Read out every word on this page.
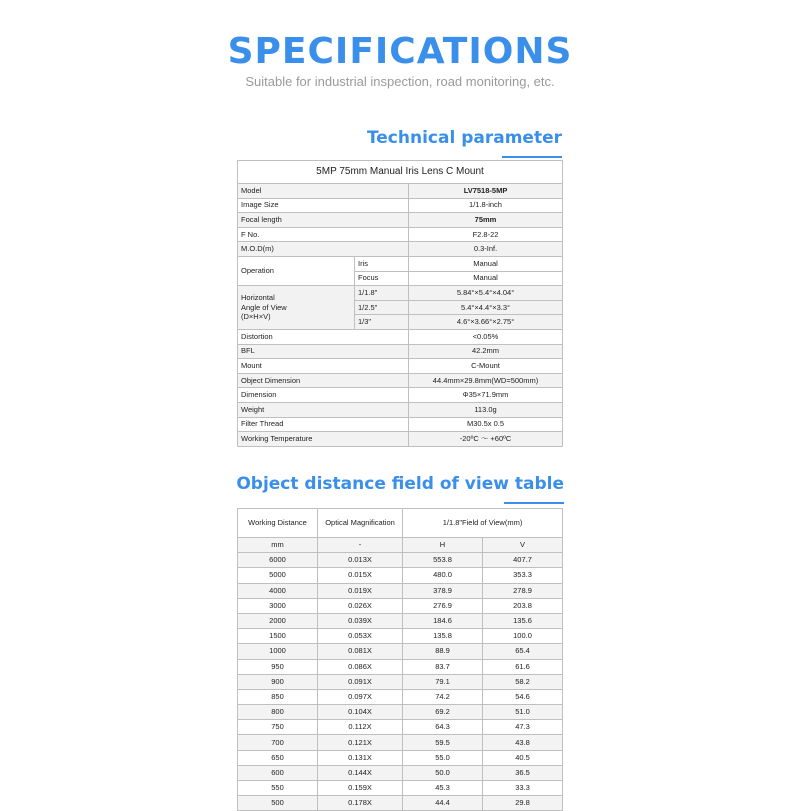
SPECIFICATIONS
Suitable for industrial inspection, road monitoring, etc.
Technical parameter
5MP 75mm Manual Iris Lens C Mount		
Model		LV7518-5MP
Image Size		1/1.8-inch
Focal length		75mm
F No.		F2.8-22
M.O.D(m)		0.3-Inf.
Operation	Iris	Manual
	Focus	Manual

Horizontal
Angle of View
(D×H×V)	1/1.8"	5.84°×5.4°×4.04°
	1/2.5"	5.4°×4.4°×3.3°
	1/3"	4.6°×3.66°×2.75°
Distortion		<0.05%
BFL		42.2mm
Mount		C-Mount
Object Dimension		44.4mm×29.8mm(WD=500mm)
Dimension		Φ35×71.9mm
Weight		113.0g
Filter Thread		M30.5x 0.5
Working Temperature		-20ºC ～ +60ºC
Object distance field of view table
Working Distance	Optical Magnification	1/1.8"Field of View(mm)	
mm	-	H	V
6000	0.013X	553.8	407.7
5000	0.015X	480.0	353.3
4000	0.019X	378.9	278.9
3000	0.026X	276.9	203.8
2000	0.039X	184.6	135.6
1500	0.053X	135.8	100.0
1000	0.081X	88.9	65.4
950	0.086X	83.7	61.6
900	0.091X	79.1	58.2
850	0.097X	74.2	54.6
800	0.104X	69.2	51.0
750	0.112X	64.3	47.3
700	0.121X	59.5	43.8
650	0.131X	55.0	40.5
600	0.144X	50.0	36.5
550	0.159X	45.3	33.3
500	0.178X	44.4	29.8
